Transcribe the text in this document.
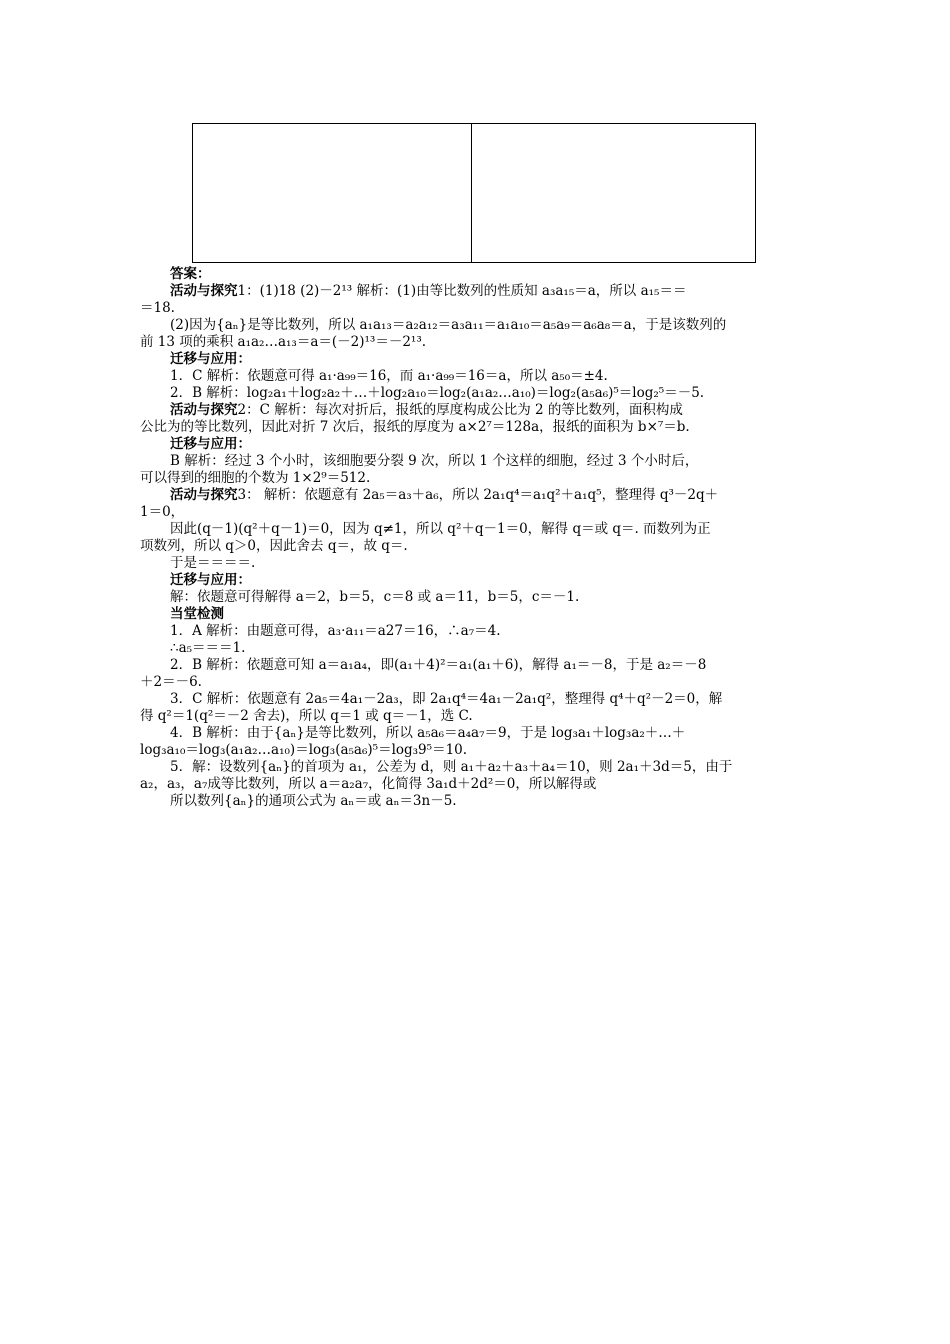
答案：
活动与探究1：(1)18 (2)－2¹³ 解析：(1)由等比数列的性质知 a₃a₁₅＝a，所以 a₁₅＝＝
＝18.
(2)因为{aₙ}是等比数列，所以 a₁a₁₃＝a₂a₁₂＝a₃a₁₁＝a₁a₁₀＝a₅a₉＝a₆a₈＝a，于是该数列的
前 13 项的乘积 a₁a₂…a₁₃＝a＝(－2)¹³＝－2¹³.
迁移与应用：
1．C 解析：依题意可得 a₁·a₉₉＝16，而 a₁·a₉₉＝16＝a，所以 a₅₀＝±4.
2．B 解析：log₂a₁＋log₂a₂＋…＋log₂a₁₀＝log₂(a₁a₂…a₁₀)＝log₂(a₅a₆)⁵＝log₂⁵＝－5.
活动与探究2：C 解析：每次对折后，报纸的厚度构成公比为 2 的等比数列，面积构成
公比为的等比数列，因此对折 7 次后，报纸的厚度为 a×2⁷＝128a，报纸的面积为 b×⁷＝b.
迁移与应用：
B 解析：经过 3 个小时，该细胞要分裂 9 次，所以 1 个这样的细胞，经过 3 个小时后，
可以得到的细胞的个数为 1×2⁹＝512.
活动与探究3： 解析：依题意有 2a₅＝a₃＋a₆，所以 2a₁q⁴＝a₁q²＋a₁q⁵，整理得 q³－2q＋
1＝0，
因此(q－1)(q²＋q－1)＝0，因为 q≠1，所以 q²＋q－1＝0，解得 q＝或 q＝. 而数列为正
项数列，所以 q＞0，因此舍去 q＝，故 q＝.
于是＝＝＝＝.
迁移与应用：
解：依题意可得解得 a＝2，b＝5，c＝8 或 a＝11，b＝5，c＝－1.
当堂检测
1．A 解析：由题意可得，a₃·a₁₁＝a27＝16，∴a₇＝4.
∴a₅＝＝＝1.
2．B 解析：依题意可知 a＝a₁a₄，即(a₁＋4)²＝a₁(a₁＋6)，解得 a₁＝－8，于是 a₂＝－8
＋2＝－6.
3．C 解析：依题意有 2a₅＝4a₁－2a₃，即 2a₁q⁴＝4a₁－2a₁q²，整理得 q⁴＋q²－2＝0，解
得 q²＝1(q²＝－2 舍去)，所以 q＝1 或 q＝－1，选 C.
4．B 解析：由于{aₙ}是等比数列，所以 a₅a₆＝a₄a₇＝9，于是 log₃a₁＋log₃a₂＋…＋
log₃a₁₀＝log₃(a₁a₂…a₁₀)＝log₃(a₅a₆)⁵＝log₃9⁵＝10.
5．解：设数列{aₙ}的首项为 a₁，公差为 d，则 a₁＋a₂＋a₃＋a₄＝10，则 2a₁＋3d＝5，由于
a₂，a₃，a₇成等比数列，所以 a＝a₂a₇，化简得 3a₁d＋2d²＝0，所以解得或
所以数列{aₙ}的通项公式为 aₙ＝或 aₙ＝3n－5.
